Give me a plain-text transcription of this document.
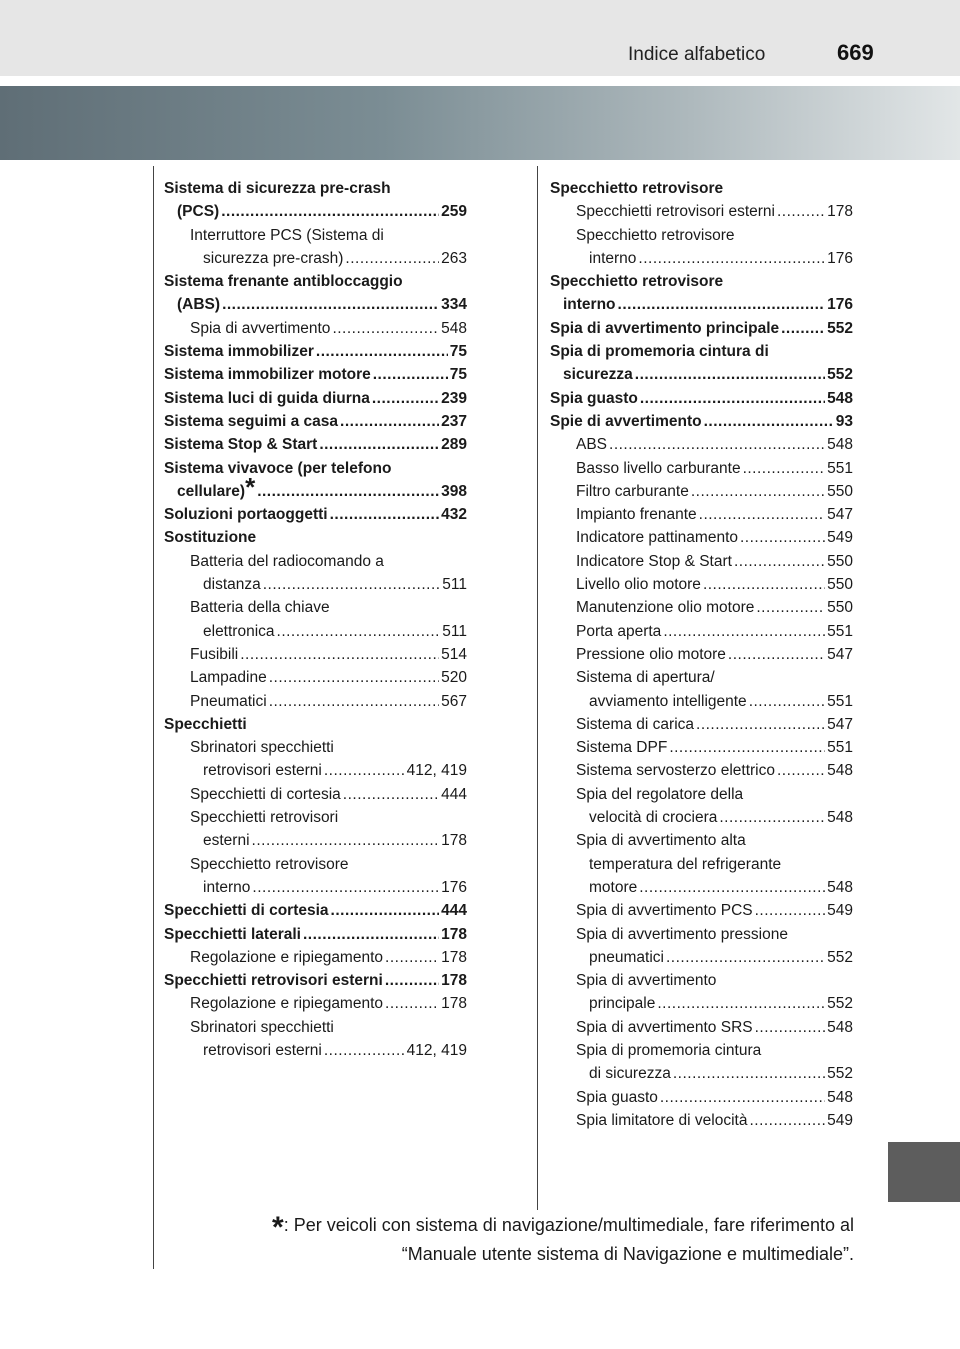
Indice alfabetico	669
Sistema di sicurezza pre-crash
(PCS) .....	259
Interruttore PCS (Sistema di
sicurezza pre-crash) .....	263
Sistema frenante antibloccaggio
(ABS) .....	334
Spia di avvertimento .....	548
Sistema immobilizer .....	75
Sistema immobilizer motore .....	75
Sistema luci di guida diurna .....	239
Sistema seguimi a casa .....	237
Sistema Stop & Start .....	289
Sistema vivavoce (per telefono
cellulare) * .....	398
Soluzioni portaoggetti .....	432
Sostituzione
Batteria del radiocomando a
distanza .....	511
Batteria della chiave
elettronica .....	511
Fusibili .....	514
Lampadine .....	520
Pneumatici .....	567
Specchietti
Sbrinatori specchietti
retrovisori esterni .....	412, 419
Specchietti di cortesia .....	444
Specchietti retrovisori
esterni .....	178
Specchietto retrovisore
interno .....	176
Specchietti di cortesia .....	444
Specchietti laterali .....	178
Regolazione e ripiegamento .....	178
Specchietti retrovisori esterni .....	178
Regolazione e ripiegamento .....	178
Sbrinatori specchietti
retrovisori esterni .....	412, 419
Specchietto retrovisore
Specchietti retrovisori esterni .....	178
Specchietto retrovisore
interno .....	176
Specchietto retrovisore
interno .....	176
Spia di avvertimento principale .....	552
Spia di promemoria cintura di
sicurezza .....	552
Spia guasto .....	548
Spie di avvertimento .....	93
ABS .....	548
Basso livello carburante .....	551
Filtro carburante .....	550
Impianto frenante .....	547
Indicatore pattinamento .....	549
Indicatore Stop & Start .....	550
Livello olio motore .....	550
Manutenzione olio motore .....	550
Porta aperta .....	551
Pressione olio motore .....	547
Sistema di apertura/
avviamento intelligente .....	551
Sistema di carica .....	547
Sistema DPF .....	551
Sistema servosterzo elettrico .....	548
Spia del regolatore della
velocità di crociera .....	548
Spia di avvertimento alta
temperatura del refrigerante
motore .....	548
Spia di avvertimento PCS .....	549
Spia di avvertimento pressione
pneumatici .....	552
Spia di avvertimento
principale .....	552
Spia di avvertimento SRS .....	548
Spia di promemoria cintura
di sicurezza .....	552
Spia guasto .....	548
Spia limitatore di velocità .....	549
*: Per veicoli con sistema di navigazione/multimediale, fare riferimento al
“Manuale utente sistema di Navigazione e multimediale”.
